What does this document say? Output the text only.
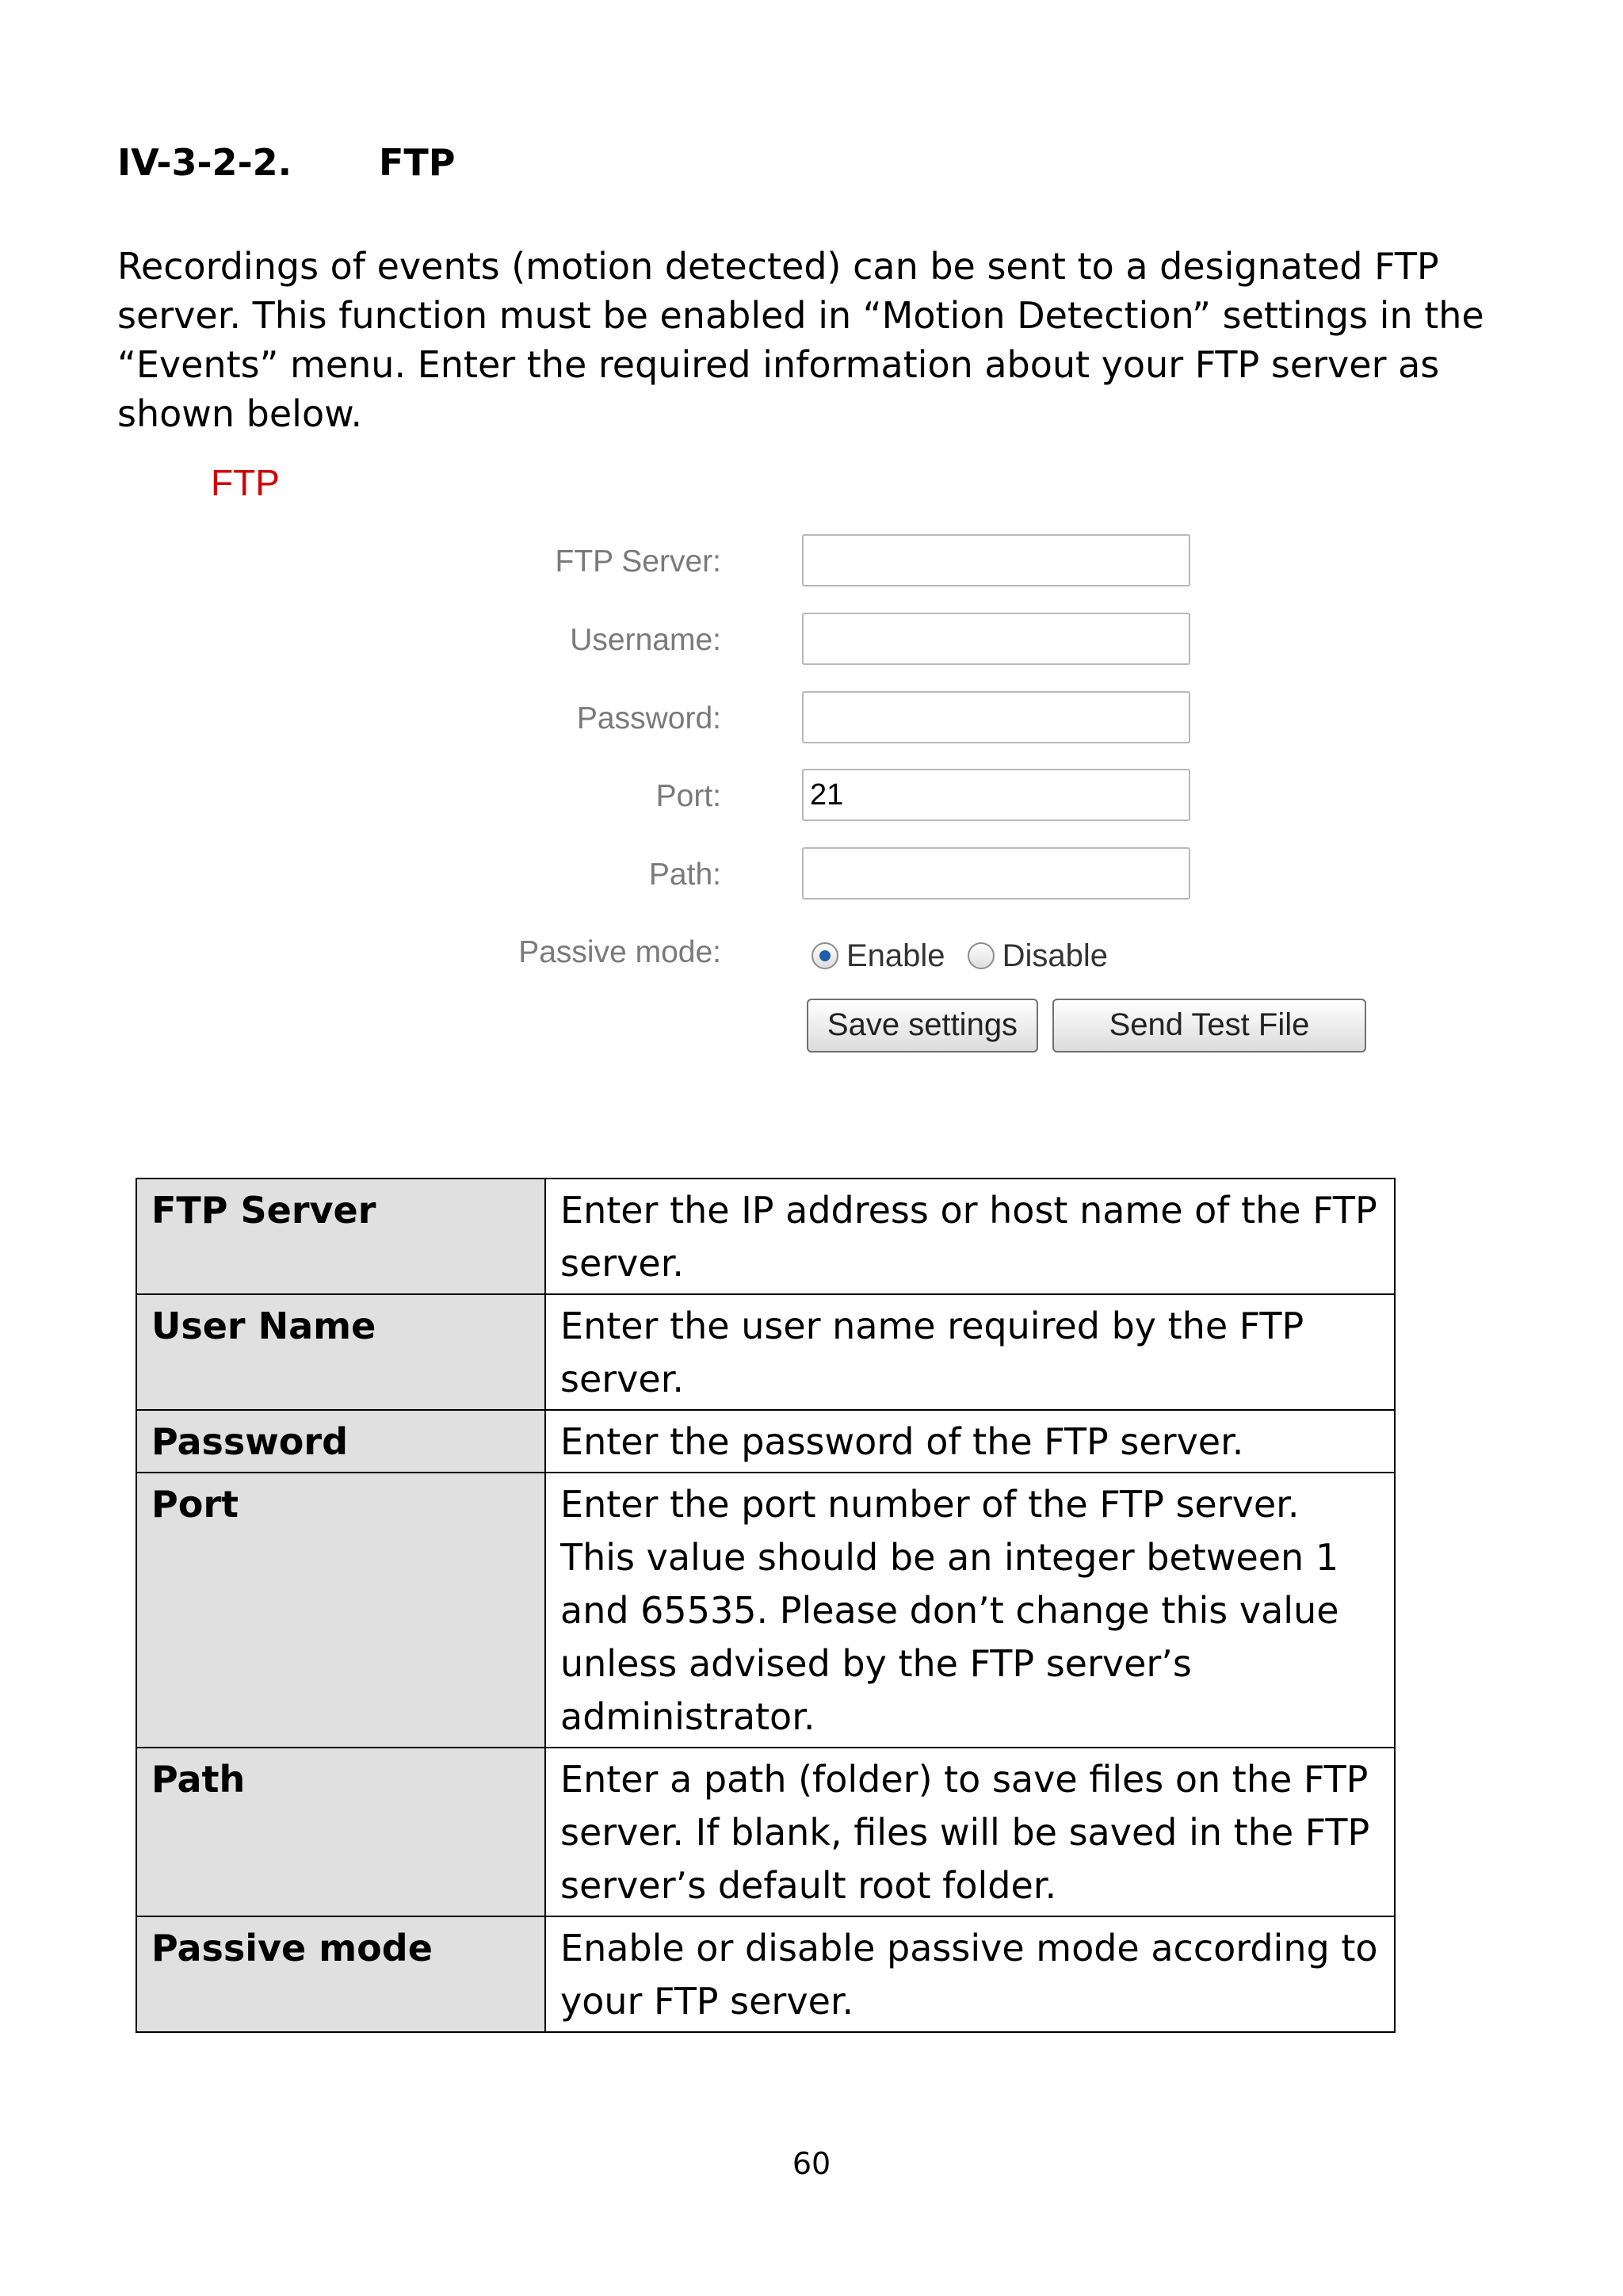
IV-3-2-2. FTP

Recordings of events (motion detected) can be sent to a designated FTP server. This function must be enabled in “Motion Detection” settings in the “Events” menu. Enter the required information about your FTP server as shown below.

FTP
FTP Server:
Username:
Password:
Port:
21
Path:
Passive mode:	Enable Disable
Save settings	Send Test File
FTP Server	Enter the IP address or host name of the FTP server.
User Name	Enter the user name required by the FTP server.
Password	Enter the password of the FTP server.
Port	Enter the port number of the FTP server. This value should be an integer between 1 and 65535. Please don’t change this value unless advised by the FTP server’s administrator.
Path	Enter a path (folder) to save files on the FTP server. If blank, files will be saved in the FTP server’s default root folder.
Passive mode	Enable or disable passive mode according to your FTP server.
60
